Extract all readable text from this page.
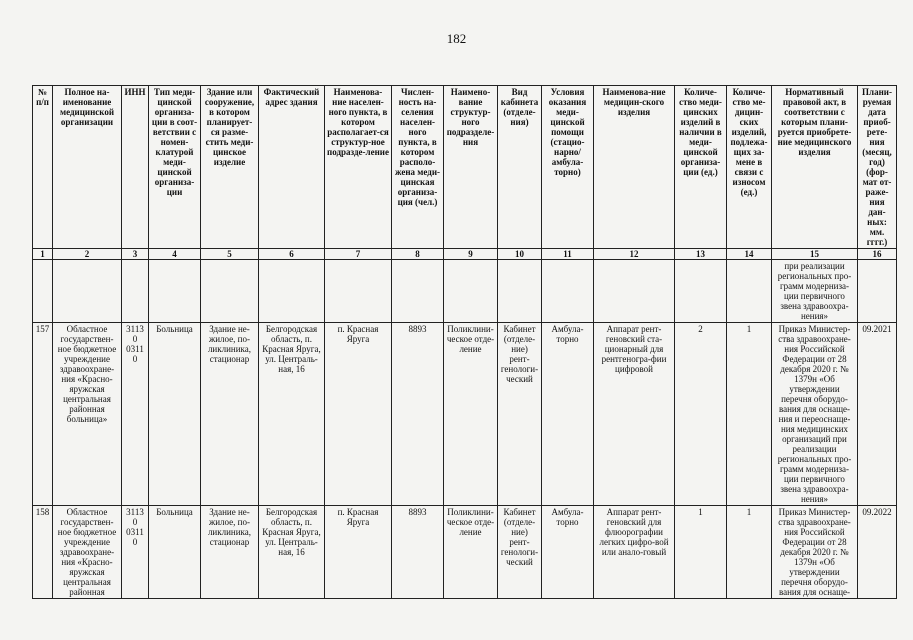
182
№ п/п	Полное на-именование медицинской организации	ИНН	Тип меди-цинской организа-ции в соот-ветствии с номен-клатурой меди-цинской организа-ции	Здание или сооружение, в котором планирует-ся разме-стить меди-цинское изделие	Фактический адрес здания	Наименова-ние населен-ного пункта, в котором располагает-ся структур-ное подразде-ление	Числен-ность на-селения населен-ного пункта, в котором располо-жена меди-цинская организа-ция (чел.)	Наимено-вание структур-ного подразделе-ния	Вид кабинета (отделе-ния)	Условия оказания меди-цинской помощи (стацио-нарно/ амбула-торно)	Наименова-ние медицин-ского изделия	Количе-ство меди-цинских изделий в наличии в меди-цинской организа-ции (ед.)	Количе-ство ме-дицин-ских изделий, подлежа-щих за-мене в связи с износом (ед.)	Нормативный правовой акт, в соответствии с которым плани-руется приобрете-ние медицинского изделия	Плани-руемая дата приоб-рете-ния (месяц, год) (фор-мат от-раже-ния дан-ных: мм. гггг.)
1	2	3	4	5	6	7	8	9	10	11	12	13	14	15	16
														при реализации региональных про-грамм модерниза-ции первичного звена здравоохра-нения»	
157	Областное государствен-ное бюджетное учреждение здравоохране-ния «Красно-яружская центральная районная больница»	31130 03110	Больница	Здание не-жилое, по-ликлиника, стационар	Белгородская область, п. Красная Яруга, ул. Централь-ная, 16	п. Красная Яруга	8893	Поликлини-ческое отде-ление	Кабинет (отделе-ние) рент-генологи-ческий	Амбула-торно	Аппарат рент-геновский ста-ционарный для рентгеногра-фии цифровой	2	1	Приказ Министер-ства здравоохране-ния Российской Федерации от 28 декабря 2020 г. № 1379н «Об утверждении перечня оборудо-вания для оснаще-ния и переоснаще-ния медицинских организаций при реализации региональных про-грамм модерниза-ции первичного звена здравоохра-нения»	09.2021
158	Областное государствен-ное бюджетное учреждение здравоохране-ния «Красно-яружская центральная районная	31130 03110	Больница	Здание не-жилое, по-ликлиника, стационар	Белгородская область, п. Красная Яруга, ул. Централь-ная, 16	п. Красная Яруга	8893	Поликлини-ческое отде-ление	Кабинет (отделе-ние) рент-генологи-ческий	Амбула-торно	Аппарат рент-геновский для флюорографии легких цифро-вой или анало-говый	1	1	Приказ Министер-ства здравоохране-ния Российской Федерации от 28 декабря 2020 г. № 1379н «Об утверждении перечня оборудо-вания для оснаще-	09.2022
